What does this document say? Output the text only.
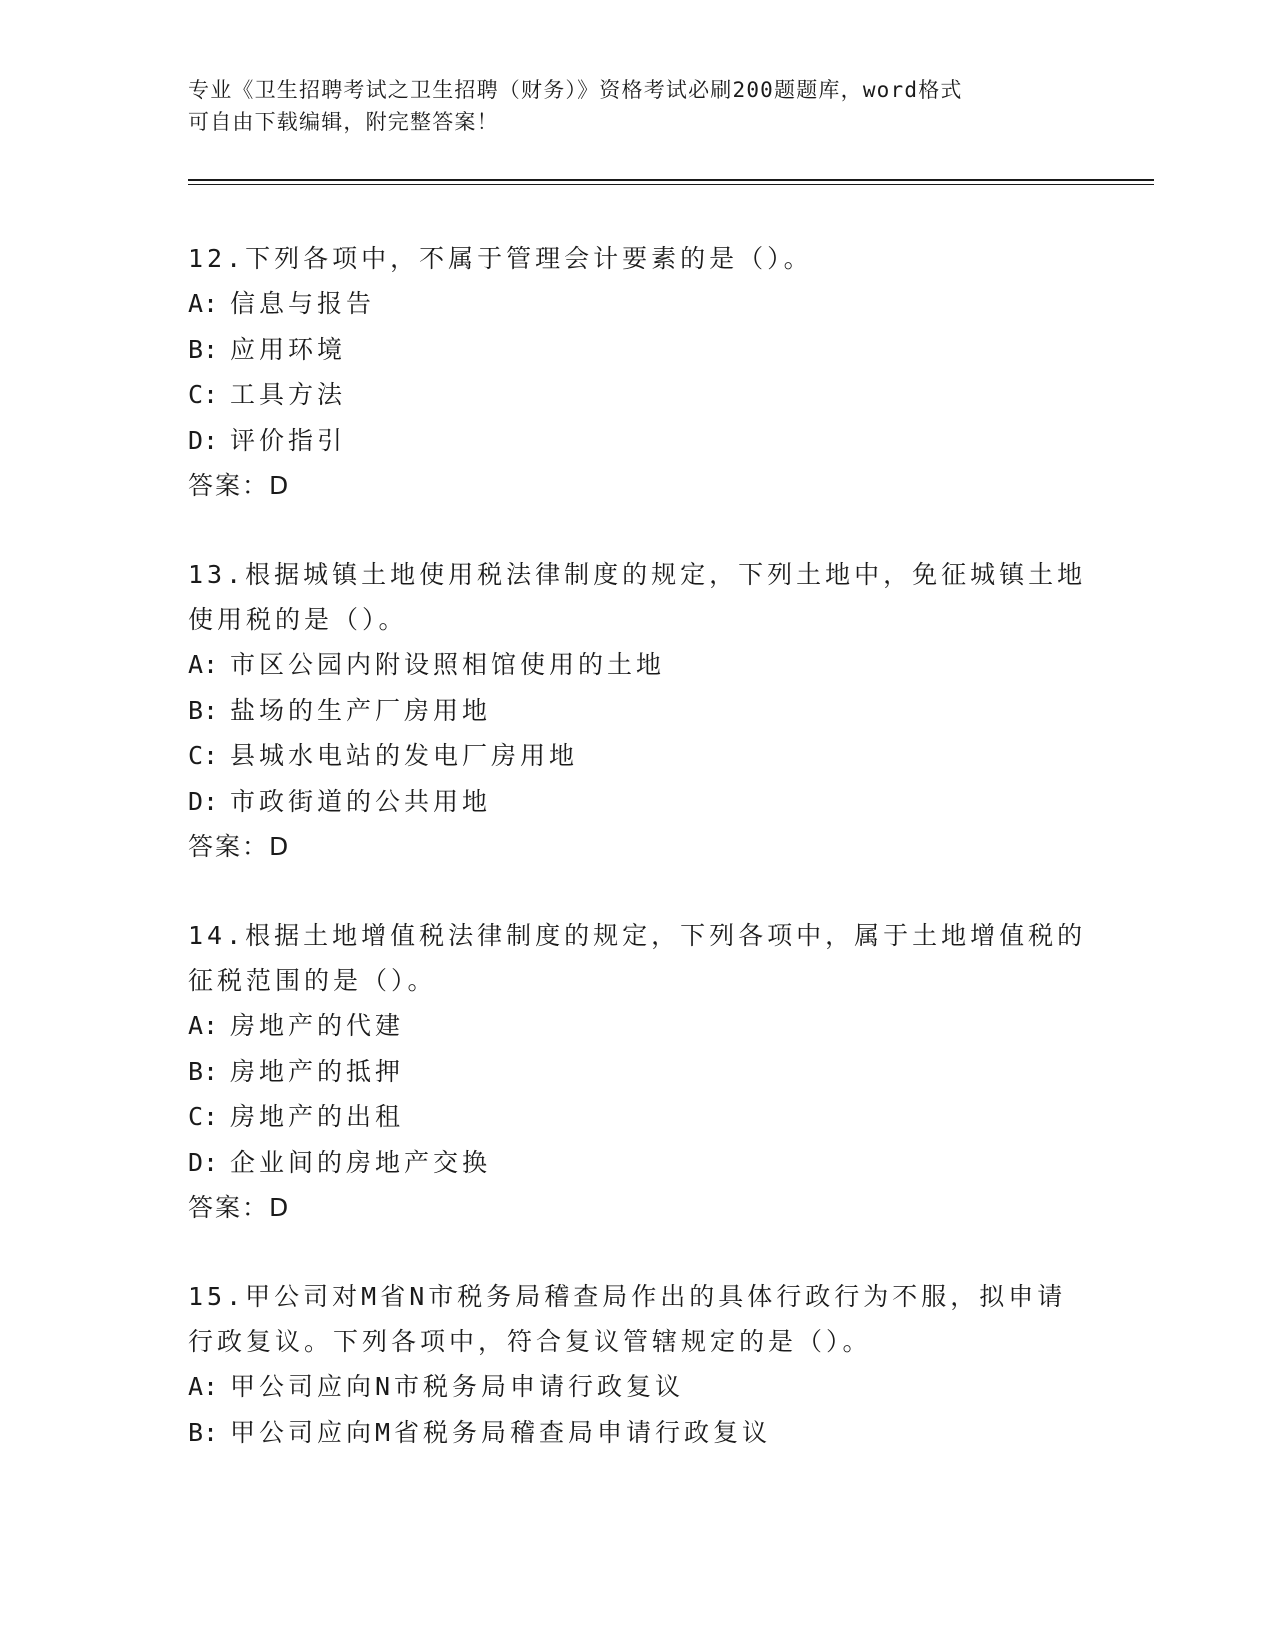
专业《卫生招聘考试之卫生招聘（财务）》资格考试必刷200题题库，word格式
可自由下载编辑，附完整答案！
12.下列各项中，不属于管理会计要素的是（）。
A: 信息与报告
B: 应用环境
C: 工具方法
D: 评价指引
答案：D
13.根据城镇土地使用税法律制度的规定，下列土地中，免征城镇土地
使用税的是（）。
A: 市区公园内附设照相馆使用的土地
B: 盐场的生产厂房用地
C: 县城水电站的发电厂房用地
D: 市政街道的公共用地
答案：D
14.根据土地增值税法律制度的规定，下列各项中，属于土地增值税的
征税范围的是（）。
A: 房地产的代建
B: 房地产的抵押
C: 房地产的出租
D: 企业间的房地产交换
答案：D
15.甲公司对M省N市税务局稽查局作出的具体行政行为不服，拟申请
行政复议。下列各项中，符合复议管辖规定的是（）。
A: 甲公司应向N市税务局申请行政复议
B: 甲公司应向M省税务局稽查局申请行政复议
